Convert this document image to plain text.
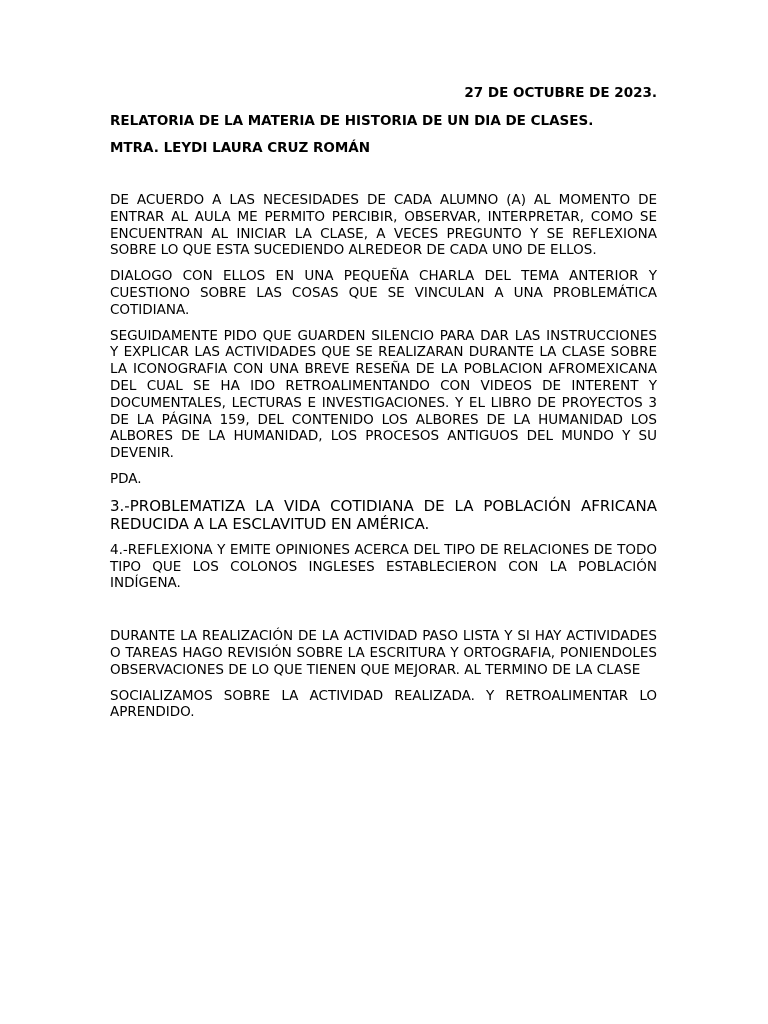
27 DE OCTUBRE DE 2023.
RELATORIA DE LA MATERIA DE HISTORIA DE UN DIA DE CLASES.
MTRA. LEYDI LAURA CRUZ ROMÁN

DE ACUERDO A LAS NECESIDADES DE CADA ALUMNO (A) AL MOMENTO DE ENTRAR AL AULA ME PERMITO PERCIBIR, OBSERVAR, INTERPRETAR, COMO SE ENCUENTRAN AL INICIAR LA CLASE, A VECES PREGUNTO Y SE REFLEXIONA SOBRE LO QUE ESTA SUCEDIENDO ALREDEOR DE CADA UNO DE ELLOS.

DIALOGO CON ELLOS EN UNA PEQUEÑA CHARLA DEL TEMA ANTERIOR Y CUESTIONO SOBRE LAS COSAS QUE SE VINCULAN A UNA PROBLEMÁTICA COTIDIANA.

SEGUIDAMENTE PIDO QUE GUARDEN SILENCIO PARA DAR LAS INSTRUCCIONES Y EXPLICAR LAS ACTIVIDADES QUE SE REALIZARAN DURANTE LA CLASE SOBRE LA ICONOGRAFIA CON UNA BREVE RESEÑA DE LA POBLACION AFROMEXICANA DEL CUAL SE HA IDO RETROALIMENTANDO CON VIDEOS DE INTERENT Y DOCUMENTALES, LECTURAS E INVESTIGACIONES. Y EL LIBRO DE PROYECTOS 3 DE LA PÁGINA 159, DEL CONTENIDO LOS ALBORES DE LA HUMANIDAD LOS ALBORES DE LA HUMANIDAD, LOS PROCESOS ANTIGUOS DEL MUNDO Y SU DEVENIR.

PDA.

3.-PROBLEMATIZA LA VIDA COTIDIANA DE LA POBLACIÓN AFRICANA REDUCIDA A LA ESCLAVITUD EN AMÉRICA.

4.-REFLEXIONA Y EMITE OPINIONES ACERCA DEL TIPO DE RELACIONES DE TODO TIPO QUE LOS COLONOS INGLESES ESTABLECIERON CON LA POBLACIÓN INDÍGENA.

DURANTE LA REALIZACIÓN DE LA ACTIVIDAD PASO LISTA Y SI HAY ACTIVIDADES O TAREAS HAGO REVISIÓN SOBRE LA ESCRITURA Y ORTOGRAFIA, PONIENDOLES OBSERVACIONES DE LO QUE TIENEN QUE MEJORAR. AL TERMINO DE LA CLASE

SOCIALIZAMOS SOBRE LA ACTIVIDAD REALIZADA. Y RETROALIMENTAR LO APRENDIDO.
